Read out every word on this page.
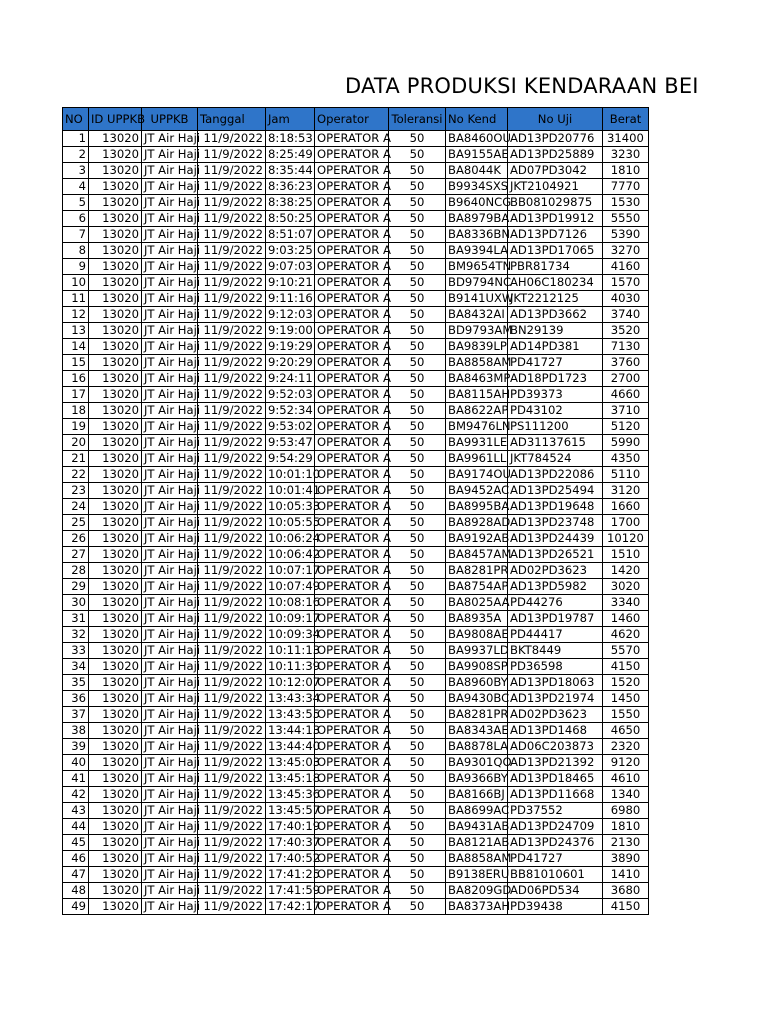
DATA PRODUKSI KENDARAAN BEI
NO	ID UPPKB	UPPKB	Tanggal	Jam	Operator	Toleransi	No Kend	No Uji	Berat
1	13020	JT Air Haji	11/9/2022	8:18:53	OPERATOR A	50	BA8460OU	AD13PD20776	31400
2	13020	JT Air Haji	11/9/2022	8:25:49	OPERATOR A	50	BA9155AE	AD13PD25889	3230
3	13020	JT Air Haji	11/9/2022	8:35:44	OPERATOR A	50	BA8044K	AD07PD3042	1810
4	13020	JT Air Haji	11/9/2022	8:36:23	OPERATOR A	50	B9934SXS	JKT2104921	7770
5	13020	JT Air Haji	11/9/2022	8:38:25	OPERATOR A	50	B9640NCG	BB081029875	1530
6	13020	JT Air Haji	11/9/2022	8:50:25	OPERATOR A	50	BA8979BA	AD13PD19912	5550
7	13020	JT Air Haji	11/9/2022	8:51:07	OPERATOR A	50	BA8336BN	AD13PD7126	5390
8	13020	JT Air Haji	11/9/2022	9:03:25	OPERATOR A	50	BA9394LA	AD13PD17065	3270
9	13020	JT Air Haji	11/9/2022	9:07:03	OPERATOR A	50	BM9654TN	PBR81734	4160
10	13020	JT Air Haji	11/9/2022	9:10:21	OPERATOR A	50	BD9794NC	AH06C180234	1570
11	13020	JT Air Haji	11/9/2022	9:11:16	OPERATOR A	50	B9141UXW	JKT2212125	4030
12	13020	JT Air Haji	11/9/2022	9:12:03	OPERATOR A	50	BA8432AI	AD13PD3662	3740
13	13020	JT Air Haji	11/9/2022	9:19:00	OPERATOR A	50	BD9793AM	BN29139	3520
14	13020	JT Air Haji	11/9/2022	9:19:29	OPERATOR A	50	BA9839LP	AD14PD381	7130
15	13020	JT Air Haji	11/9/2022	9:20:29	OPERATOR A	50	BA8858AM	PD41727	3760
16	13020	JT Air Haji	11/9/2022	9:24:11	OPERATOR A	50	BA8463MP	AD18PD1723	2700
17	13020	JT Air Haji	11/9/2022	9:52:03	OPERATOR A	50	BA8115AH	PD39373	4660
18	13020	JT Air Haji	11/9/2022	9:52:34	OPERATOR A	50	BA8622AP	PD43102	3710
19	13020	JT Air Haji	11/9/2022	9:53:02	OPERATOR A	50	BM9476LN	PS111200	5120
20	13020	JT Air Haji	11/9/2022	9:53:47	OPERATOR A	50	BA9931LE	AD31137615	5990
21	13020	JT Air Haji	11/9/2022	9:54:29	OPERATOR A	50	BA9961LL	JKT784524	4350
22	13020	JT Air Haji	11/9/2022	10:01:10	OPERATOR A	50	BA9174OU	AD13PD22086	5110
23	13020	JT Air Haji	11/9/2022	10:01:41	OPERATOR A	50	BA9452AC	AD13PD25494	3120
24	13020	JT Air Haji	11/9/2022	10:05:33	OPERATOR A	50	BA8995BA	AD13PD19648	1660
25	13020	JT Air Haji	11/9/2022	10:05:55	OPERATOR A	50	BA8928AD	AD13PD23748	1700
26	13020	JT Air Haji	11/9/2022	10:06:24	OPERATOR A	50	BA9192AB	AD13PD24439	10120
27	13020	JT Air Haji	11/9/2022	10:06:42	OPERATOR A	50	BA8457AM	AD13PD26521	1510
28	13020	JT Air Haji	11/9/2022	10:07:17	OPERATOR A	50	BA8281PR	AD02PD3623	1420
29	13020	JT Air Haji	11/9/2022	10:07:49	OPERATOR A	50	BA8754AP	AD13PD5982	3020
30	13020	JT Air Haji	11/9/2022	10:08:16	OPERATOR A	50	BA8025AA	PD44276	3340
31	13020	JT Air Haji	11/9/2022	10:09:17	OPERATOR A	50	BA8935A	AD13PD19787	1460
32	13020	JT Air Haji	11/9/2022	10:09:34	OPERATOR A	50	BA9808AE	PD44417	4620
33	13020	JT Air Haji	11/9/2022	10:11:13	OPERATOR A	50	BA9937LD	BKT8449	5570
34	13020	JT Air Haji	11/9/2022	10:11:39	OPERATOR A	50	BA9908SP	PD36598	4150
35	13020	JT Air Haji	11/9/2022	10:12:07	OPERATOR A	50	BA8960BY	AD13PD18063	1520
36	13020	JT Air Haji	11/9/2022	13:43:34	OPERATOR A	50	BA9430BC	AD13PD21974	1450
37	13020	JT Air Haji	11/9/2022	13:43:55	OPERATOR A	50	BA8281PR	AD02PD3623	1550
38	13020	JT Air Haji	11/9/2022	13:44:13	OPERATOR A	50	BA8343AE	AD13PD1468	4650
39	13020	JT Air Haji	11/9/2022	13:44:40	OPERATOR A	50	BA8878LA	AD06C203873	2320
40	13020	JT Air Haji	11/9/2022	13:45:03	OPERATOR A	50	BA9301QO	AD13PD21392	9120
41	13020	JT Air Haji	11/9/2022	13:45:18	OPERATOR A	50	BA9366BY	AD13PD18465	4610
42	13020	JT Air Haji	11/9/2022	13:45:36	OPERATOR A	50	BA8166BJ	AD13PD11668	1340
43	13020	JT Air Haji	11/9/2022	13:45:57	OPERATOR A	50	BA8699AC	PD37552	6980
44	13020	JT Air Haji	11/9/2022	17:40:19	OPERATOR A	50	BA9431AB	AD13PD24709	1810
45	13020	JT Air Haji	11/9/2022	17:40:37	OPERATOR A	50	BA8121AB	AD13PD24376	2130
46	13020	JT Air Haji	11/9/2022	17:40:52	OPERATOR A	50	BA8858AM	PD41727	3890
47	13020	JT Air Haji	11/9/2022	17:41:25	OPERATOR A	50	B9138ERU	BB81010601	1410
48	13020	JT Air Haji	11/9/2022	17:41:59	OPERATOR A	50	BA8209GD	AD06PD534	3680
49	13020	JT Air Haji	11/9/2022	17:42:17	OPERATOR A	50	BA8373AH	PD39438	4150
